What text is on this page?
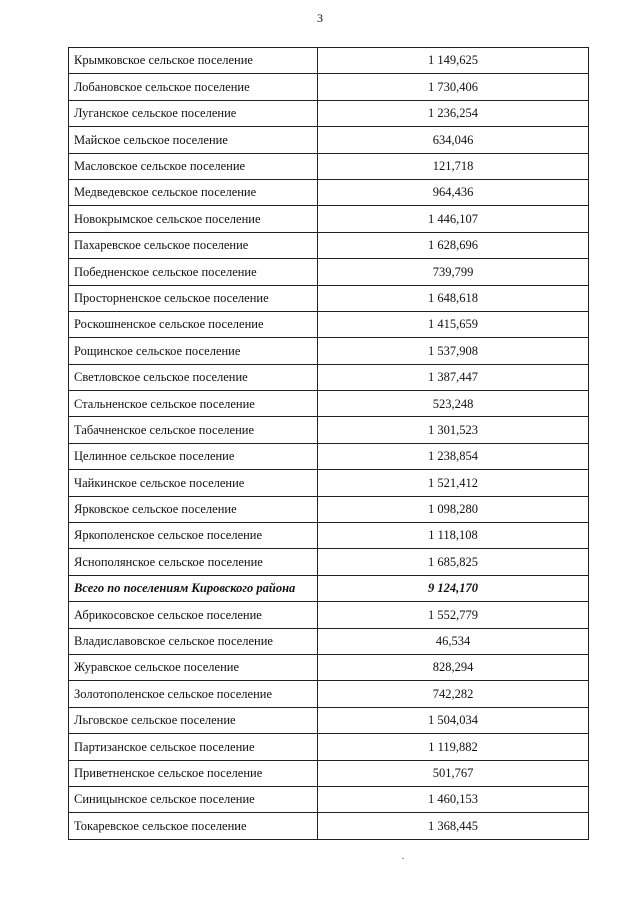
3
Крымковское сельское поселение	1 149,625
Лобановское сельское поселение	1 730,406
Луганское сельское поселение	1 236,254
Майское сельское поселение	634,046
Масловское сельское поселение	121,718
Медведевское сельское поселение	964,436
Новокрымское сельское поселение	1 446,107
Пахаревское сельское поселение	1 628,696
Победненское сельское поселение	739,799
Просторненское сельское поселение	1 648,618
Роскошненское сельское поселение	1 415,659
Рощинское сельское поселение	1 537,908
Светловское сельское поселение	1 387,447
Стальненское сельское поселение	523,248
Табачненское сельское поселение	1 301,523
Целинное сельское поселение	1 238,854
Чайкинское сельское поселение	1 521,412
Ярковское сельское поселение	1 098,280
Яркополенское сельское поселение	1 118,108
Яснополянское сельское поселение	1 685,825
Всего по поселениям Кировского района	9 124,170
Абрикосовское сельское поселение	1 552,779
Владиславовское сельское поселение	46,534
Журавское сельское поселение	828,294
Золотополенское сельское поселение	742,282
Льговское сельское поселение	1 504,034
Партизанское сельское поселение	1 119,882
Приветненское сельское поселение	501,767
Синицынское сельское поселение	1 460,153
Токаревское сельское поселение	1 368,445
